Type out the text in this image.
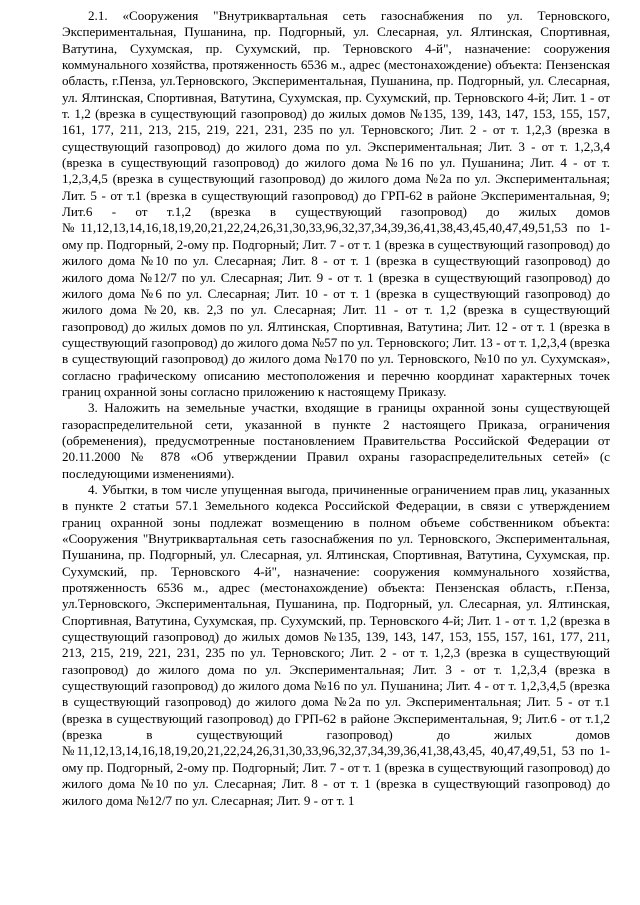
2.1. «Сооружения "Внутриквартальная сеть газоснабжения по ул. Терновского, Экспериментальная, Пушанина, пр. Подгорный, ул. Слесарная, ул. Ялтинская, Спортивная, Ватутина, Сухумская, пр. Сухумский, пр. Терновского 4-й", назначение: сооружения коммунального хозяйства, протяженность 6536 м., адрес (местонахождение) объекта: Пензенская область, г.Пенза, ул.Терновского, Экспериментальная, Пушанина, пр. Подгорный, ул. Слесарная, ул. Ялтинская, Спортивная, Ватутина, Сухумская, пр. Сухумский, пр. Терновского 4-й; Лит. 1 - от т. 1,2 (врезка в существующий газопровод) до жилых домов №135, 139, 143, 147, 153, 155, 157, 161, 177, 211, 213, 215, 219, 221, 231, 235 по ул. Терновского; Лит. 2 - от т. 1,2,3 (врезка в существующий газопровод) до жилого дома по ул. Экспериментальная; Лит. 3 - от т. 1,2,3,4 (врезка в существующий газопровод) до жилого дома №16 по ул. Пушанина; Лит. 4 - от т. 1,2,3,4,5 (врезка в существующий газопровод) до жилого дома №2а по ул. Экспериментальная; Лит. 5 - от т.1 (врезка в существующий газопровод) до ГРП-62 в районе Экспериментальная, 9; Лит.6 - от т.1,2 (врезка в существующий газопровод) до жилых домов №11,12,13,14,16,18,19,20,21,22,24,26,31,30,33,96,32,37,34,39,36,41,38,43,45,40,47,49,51,53 по 1-ому пр. Подгорный, 2-ому пр. Подгорный; Лит. 7 - от т. 1 (врезка в существующий газопровод) до жилого дома №10 по ул. Слесарная; Лит. 8 - от т. 1 (врезка в существующий газопровод) до жилого дома №12/7 по ул. Слесарная; Лит. 9 - от т. 1 (врезка в существующий газопровод) до жилого дома №6 по ул. Слесарная; Лит. 10 - от т. 1 (врезка в существующий газопровод) до жилого дома №20, кв. 2,3 по ул. Слесарная; Лит. 11 - от т. 1,2 (врезка в существующий газопровод) до жилых домов по ул. Ялтинская, Спортивная, Ватутина; Лит. 12 - от т. 1 (врезка в существующий газопровод) до жилого дома №57 по ул. Терновского; Лит. 13 - от т. 1,2,3,4 (врезка в существующий газопровод) до жилого дома №170 по ул. Терновского, №10 по ул. Сухумская», согласно графическому описанию местоположения и перечню координат характерных точек границ охранной зоны согласно приложению к настоящему Приказу.

3. Наложить на земельные участки, входящие в границы охранной зоны существующей газораспределительной сети, указанной в пункте 2 настоящего Приказа, ограничения (обременения), предусмотренные постановлением Правительства Российской Федерации от 20.11.2000 № 878 «Об утверждении Правил охраны газораспределительных сетей» (с последующими изменениями).

4. Убытки, в том числе упущенная выгода, причиненные ограничением прав лиц, указанных в пункте 2 статьи 57.1 Земельного кодекса Российской Федерации, в связи с утверждением границ охранной зоны подлежат возмещению в полном объеме собственником объекта: «Сооружения "Внутриквартальная сеть газоснабжения по ул. Терновского, Экспериментальная, Пушанина, пр. Подгорный, ул. Слесарная, ул. Ялтинская, Спортивная, Ватутина, Сухумская, пр. Сухумский, пр. Терновского 4-й", назначение: сооружения коммунального хозяйства, протяженность 6536 м., адрес (местонахождение) объекта: Пензенская область, г.Пенза, ул.Терновского, Экспериментальная, Пушанина, пр. Подгорный, ул. Слесарная, ул. Ялтинская, Спортивная, Ватутина, Сухумская, пр. Сухумский, пр. Терновского 4-й; Лит. 1 - от т. 1,2 (врезка в существующий газопровод) до жилых домов №135, 139, 143, 147, 153, 155, 157, 161, 177, 211, 213, 215, 219, 221, 231, 235 по ул. Терновского; Лит. 2 - от т. 1,2,3 (врезка в существующий газопровод) до жилого дома по ул. Экспериментальная; Лит. 3 - от т. 1,2,3,4 (врезка в существующий газопровод) до жилого дома №16 по ул. Пушанина; Лит. 4 - от т. 1,2,3,4,5 (врезка в существующий газопровод) до жилого дома №2а по ул. Экспериментальная; Лит. 5 - от т.1 (врезка в существующий газопровод) до ГРП-62 в районе Экспериментальная, 9; Лит.6 - от т.1,2 (врезка в существующий газопровод) до жилых домов №11,12,13,14,16,18,19,20,21,22,24,26,31,30,33,96,32,37,34,39,36,41,38,43,45, 40,47,49,51, 53 по 1-ому пр. Подгорный, 2-ому пр. Подгорный; Лит. 7 - от т. 1 (врезка в существующий газопровод) до жилого дома №10 по ул. Слесарная; Лит. 8 - от т. 1 (врезка в существующий газопровод) до жилого дома №12/7 по ул. Слесарная; Лит. 9 - от т. 1
